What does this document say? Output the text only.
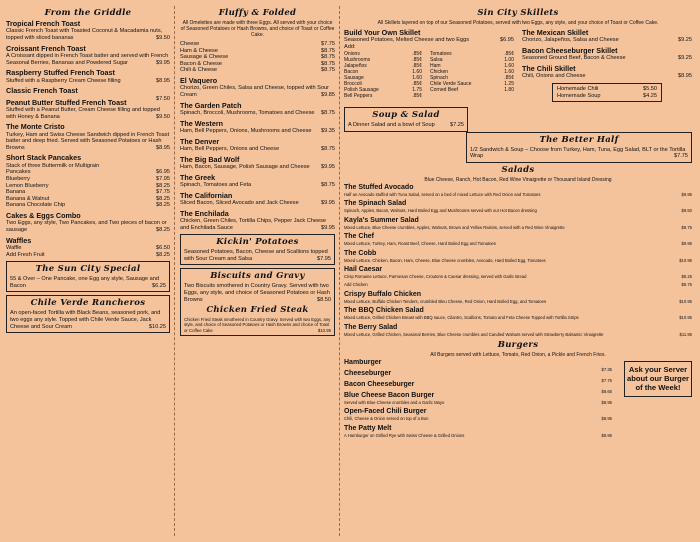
From the Griddle
Tropical French Toast
Classic French Toast with Toasted Coconut & Macadamia nuts, topped with sliced bananas	$9.50
Croissant French Toast
A Croissant dipped in French Toast batter and served with French Seasonal Berries, Bananas and Powdered Sugar	$9.95
Raspberry Stuffed French Toast
Stuffed with a Raspberry Cream Cheese filling	$8.95
Classic French Toast
$7.50
Peanut Butter Stuffed French Toast
Stuffed with a Peanut Butter, Cream Cheese filling and topped with Honey & Banana	$9.50
The Monte Cristo
Turkey, Ham and Swiss Cheese Sandwich dipped in French Toast batter and deep fried. Served with Seasoned Potatoes or Hash Browns	$8.95
Short Stack Pancakes
Stack of three Buttermilk or Multigrain
Pancakes	$6.95
Blueberry	$7.95
Lemon Blueberry	$8.25
Banana	$7.75
Banana & Walnut	$8.25
Banana Chocolate Chip	$8.25
Cakes & Eggs Combo
Two Eggs, any style, Two Pancakes, and Two pieces of bacon or sausage	$8.25
Waffles
Waffle	$6.50
Add Fresh Fruit	$8.25
The Sun City Special
55 & Over – One Pancake, one Egg any style, Sausage and Bacon	$6.25
Chile Verde Rancheros
An open-faced Tortilla with Black Beans, seasoned pork, and two eggs any style. Topped with Chile Verde Sauce, Jack Cheese and Sour Cream	$10.25
Fluffy & Folded
All Omelettes are made with three Eggs. All served with your choice of Seasoned Potatoes or Hash Browns, and choice of Toast or Coffee Cake.
Cheese	$7.75
Ham & Cheese	$8.75
Sausage & Cheese	$8.75
Bacon & Cheese	$8.75
Chili & Cheese	$8.75
El Vaquero
Chorizo, Green Chiles, Salsa and Cheese, topped with Sour Cream	$9.85
The Garden Patch
Spinach, Broccoli, Mushrooms, Tomatoes and Cheese $8.75
The Western
Ham, Bell Peppers, Onions, Mushrooms and Cheese $9.35
The Denver
Ham, Bell Peppers, Onions and Cheese	$8.75
The Big Bad Wolf
Ham, Bacon, Sausage, Polish Sausage and Cheese $9.95
The Greek
Spinach, Tomatoes and Feta	$8.75
The Californian
Sliced Bacon, Sliced Avocado and Jack Cheese	$9.95
The Enchilada
Chicken, Green Chiles, Tortilla Chips, Pepper Jack Cheese and Enchilada Sauce	$9.95
Kickin' Potatoes
Seasoned Potatoes, Bacon, Cheese and Scallions topped with Sour Cream and Salsa	$7.95
Biscuits and Gravy
Two Biscuits smothered in Country Gravy. Served with two Eggs, any style, and choice of Seasoned Potatoes or Hash Browns	$8.50
Chicken Fried Steak
Chicken Fried Steak smothered in Country Gravy. Served with two Eggs, any style, and choice of Seasoned Potatoes or Hash Browns and choice of Toast or Coffee Cake	$10.95
Sin City Skillets
All Skillets layered on top of our Seasoned Potatoes, served with two Eggs, any style, and your choice of Toast or Coffee Cake.
Build Your Own Skillet
Seasoned Potatoes, Melted Cheese and two Eggs	$6.95
Add:
Onions	.85¢
Mushrooms	.85¢
Jalapeños	.85¢
Bacon	1.60
Sausage	1.60
Broccoli	.85¢
Polish Sausage	1.75
Bell Peppers	.85¢
Tomatoes	.85¢
Salsa	1.00
Ham	1.60
Chicken	1.60
Spinach	.85¢
Chile Verde Sauce	1.25
Corned Beef	1.80
The Mexican Skillet
Chorizo, Jalapeños, Salsa and Cheese	$9.25
Bacon Cheeseburger Skillet
Seasoned Ground Beef, Bacon & Cheese	$9.25
The Chili Skillet
Chili, Onions and Cheese	$8.95
Homemade Chili	$5.50
Homemade Soup	$4.25
Soup & Salad
A Dinner Salad and a bowl of Soup	$7.25
The Better Half
1/2 Sandwich & Soup – Choose from Turkey, Ham, Tuna, Egg Salad, BLT or the Tortilla Wrap	$7.75
Salads
Blue Cheese, Ranch, Hot Bacon, Red Wine Vinaigrette or Thousand Island Dressing
The Stuffed Avocado
Half an Avocado stuffed with Tuna Salad, served on a bed of mixed Lettuce with Red Onion and Tomatoes	$9.95
The Spinach Salad
Spinach, Apples, Bacon, Walnuts, Hard Boiled Egg and Mushrooms served with our Hot Bacon dressing	$9.50
Kayla's Summer Salad
Mixed Lettuce, Blue Cheese crumbles, Apples, Walnuts, Brown and Yellow Raisins, served with a Red Wine Vinaigrette	$9.75
The Chef
Mixed Lettuce, Turkey, Ham, Roast Beef, Cheese, Hard Boiled Egg and Tomatoes	$9.95
The Cobb
Mixed Lettuce, Chicken, Bacon, Ham, Cheese, Blue Cheese crumbles, Avocado, Hard Boiled Egg, Tomatoes	$10.95
Hail Caesar
Crisp Romaine Lettuce, Parmesan Cheese, Croutons & Caesar dressing, served with Garlic Bread	$8.25
Add Chicken	$9.75
Crispy Buffalo Chicken
Mixed Lettuce, Buffalo Chicken Tenders, crumbled Bleu Cheese, Red Onion, Hard Boiled Egg, and Tomatoes	$10.95
The BBQ Chicken Salad
Mixed Lettuce, Grilled Chicken Breast with BBQ sauce, Cilantro, Scallions, Tomato and Feta Cheese Topped with Tortilla Strips	$10.95
The Berry Salad
Mixed Lettuce, Grilled Chicken, Seasonal Berries, Blue Cheese crumbles and Candied Walnuts served with Strawberry Balsamic Vinaigrette	$11.95
Burgers
All Burgers served with Lettuce, Tomato, Red Onion, a Pickle and French Fries.
Hamburger
$7.35
Cheeseburger
$7.75
Bacon Cheeseburger
$8.65
Blue Cheese Bacon Burger
Served with Blue Cheese crumbles and a Garlic Mayo	$8.95
Open-Faced Chili Burger
Chili, Cheese & Onion served on top of a Bun	$8.95
The Patty Melt
A Hamburger on Grilled Rye with Swiss Cheese & Grilled Onions	$8.95
Ask your Server about our Burger of the Week!
